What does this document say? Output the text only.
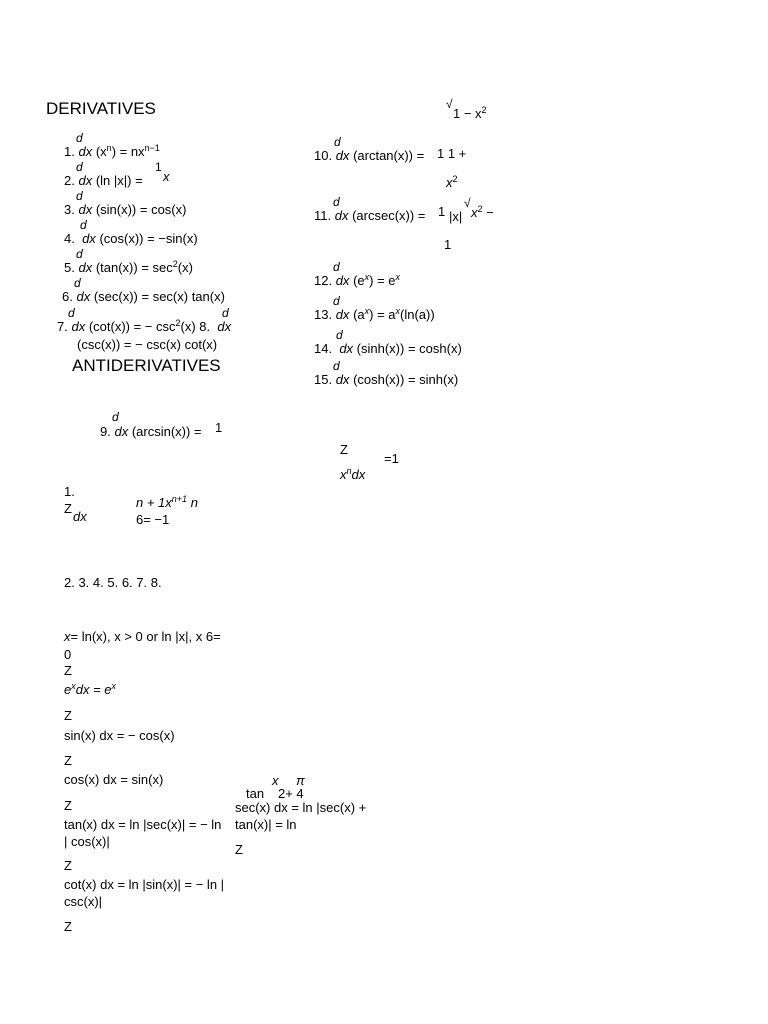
DERIVATIVES
ANTIDERIVATIVES
√
$1 - x^2$
d
1. dx $(x^n) = nx^{n-1}$
d	1
2. dx (ln |x|) = x
d
3. dx (sin(x)) = cos(x)
d
4. dx (cos(x)) = −sin(x)
d
5. dx $(\tan(x)) = \sec^2(x)$
d
6. dx (sec(x)) = sec(x) tan(x)
d	d
7. dx (cot(x)) = − $\csc^2(x)$ 8. dx
(csc(x)) = − csc(x) cot(x)
d
9. dx (arcsin(x)) = 1
d
10. dx (arctan(x)) = 1 1 +
$x^2$
d
11. dx (arcsec(x)) = 1 |x|
√
$x^2$ −
1
d
12. dx $(e^x) = e^x$
d
13. dx $(a^x) = a^x(\ln(a))$
d
14. dx (sinh(x)) = cosh(x)
d
15. dx (cosh(x)) = sinh(x)
Z
$x^ndx$
=1
1.
Z
dx
$n + 1x^{n+1}$ n
6= −1
2. 3. 4. 5. 6. 7. 8.
x= ln(x), x > 0 or ln |x|, x 6=
0
Z
$e^xdx = e^x$
Z
sin(x) dx = − cos(x)
Z
cos(x) dx = sin(x)
Z
tan(x) dx = ln |sec(x)| = − ln
| cos(x)|
Z
cot(x) dx = ln |sin(x)| = − ln |
csc(x)|
Z
x π
tan 2+ 4
sec(x) dx = ln |sec(x) +
tan(x)| = ln
Z
